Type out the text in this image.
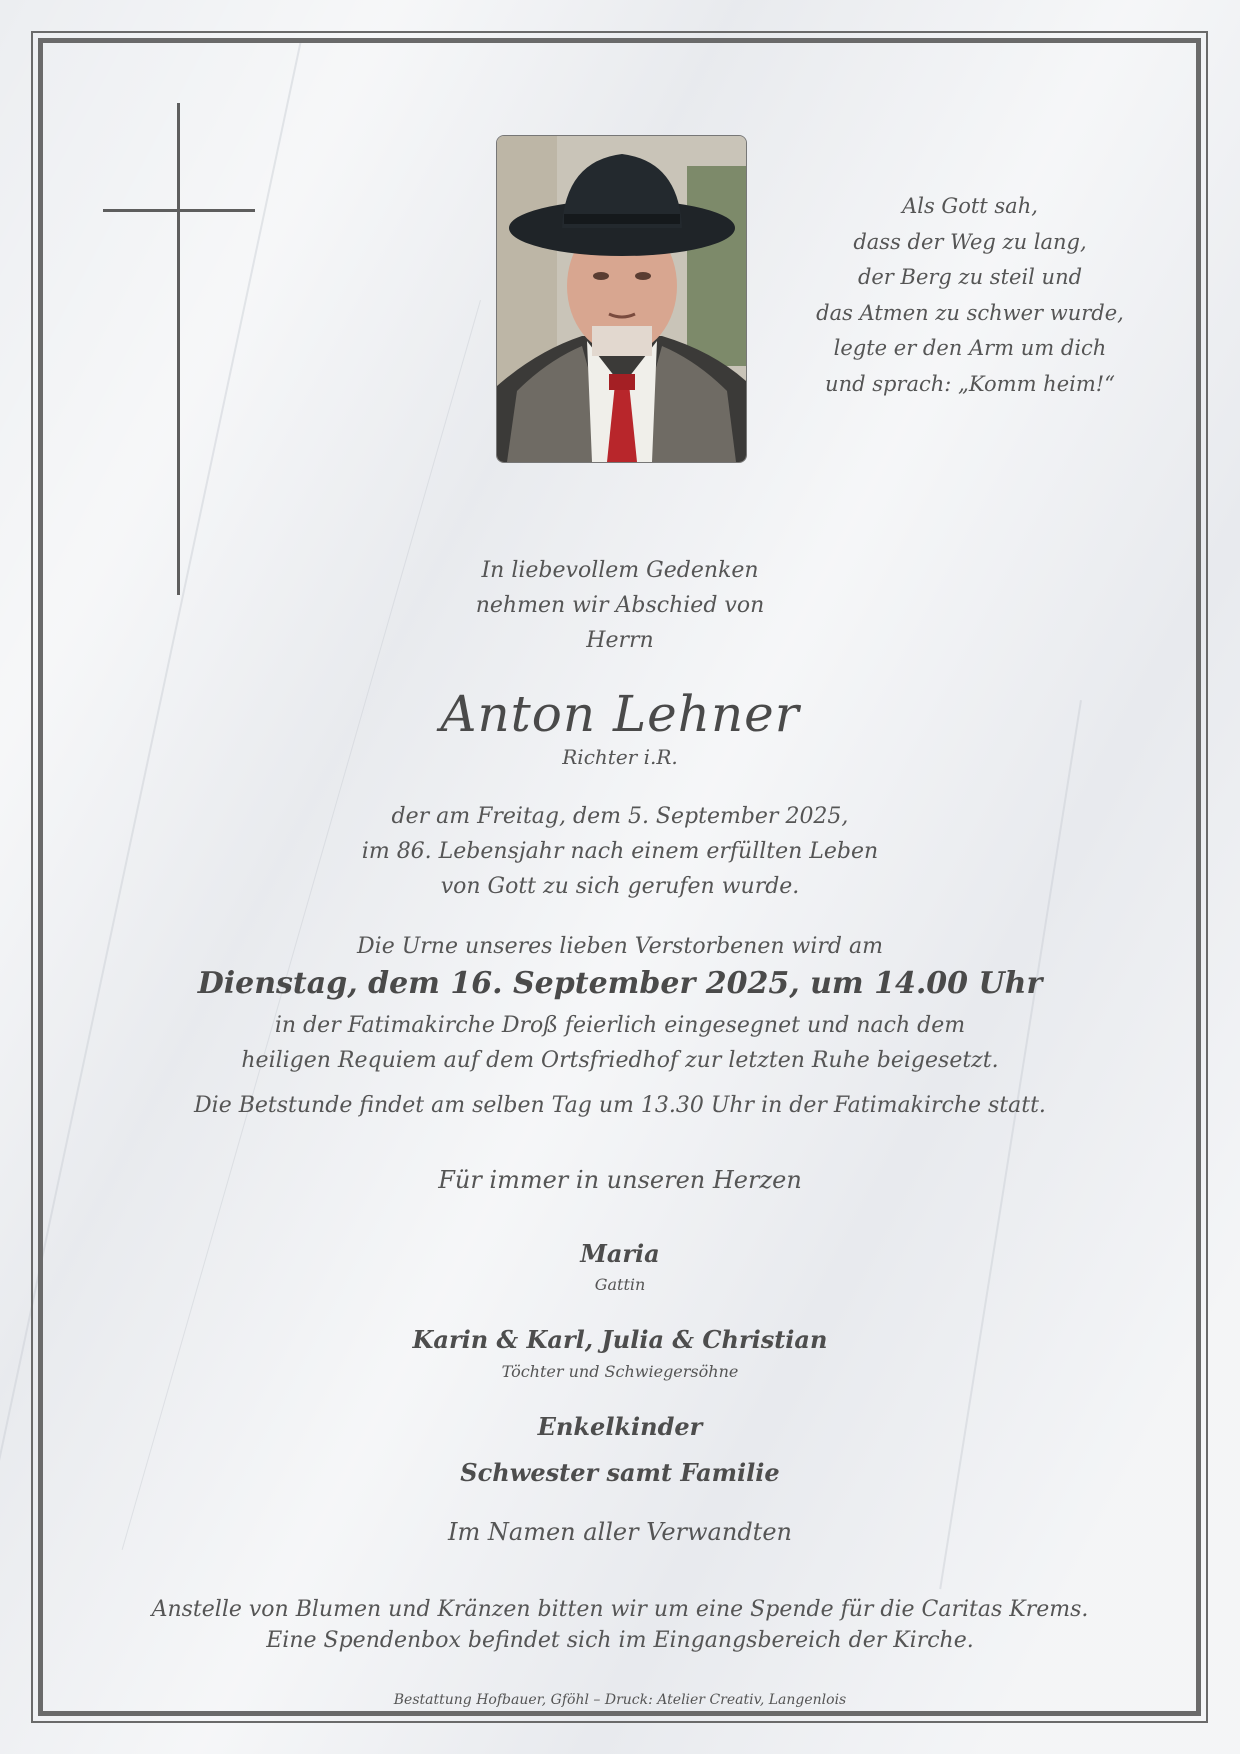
Als Gott sah,
dass der Weg zu lang,
der Berg zu steil und
das Atmen zu schwer wurde,
legte er den Arm um dich
und sprach: „Komm heim!“
In liebevollem Gedenken
nehmen wir Abschied von
Herrn
Anton Lehner
Richter i.R.
der am Freitag, dem 5. September 2025,
im 86. Lebensjahr nach einem erfüllten Leben
von Gott zu sich gerufen wurde.
Die Urne unseres lieben Verstorbenen wird am
Dienstag, dem 16. September 2025, um 14.00 Uhr
in der Fatimakirche Droß feierlich eingesegnet und nach dem
heiligen Requiem auf dem Ortsfriedhof zur letzten Ruhe beigesetzt.
Die Betstunde findet am selben Tag um 13.30 Uhr in der Fatimakirche statt.
Für immer in unseren Herzen
Maria
Gattin
Karin & Karl, Julia & Christian
Töchter und Schwiegersöhne
Enkelkinder
Schwester samt Familie
Im Namen aller Verwandten
Anstelle von Blumen und Kränzen bitten wir um eine Spende für die Caritas Krems.
Eine Spendenbox befindet sich im Eingangsbereich der Kirche.
Bestattung Hofbauer, Gföhl – Druck: Atelier Creativ, Langenlois
